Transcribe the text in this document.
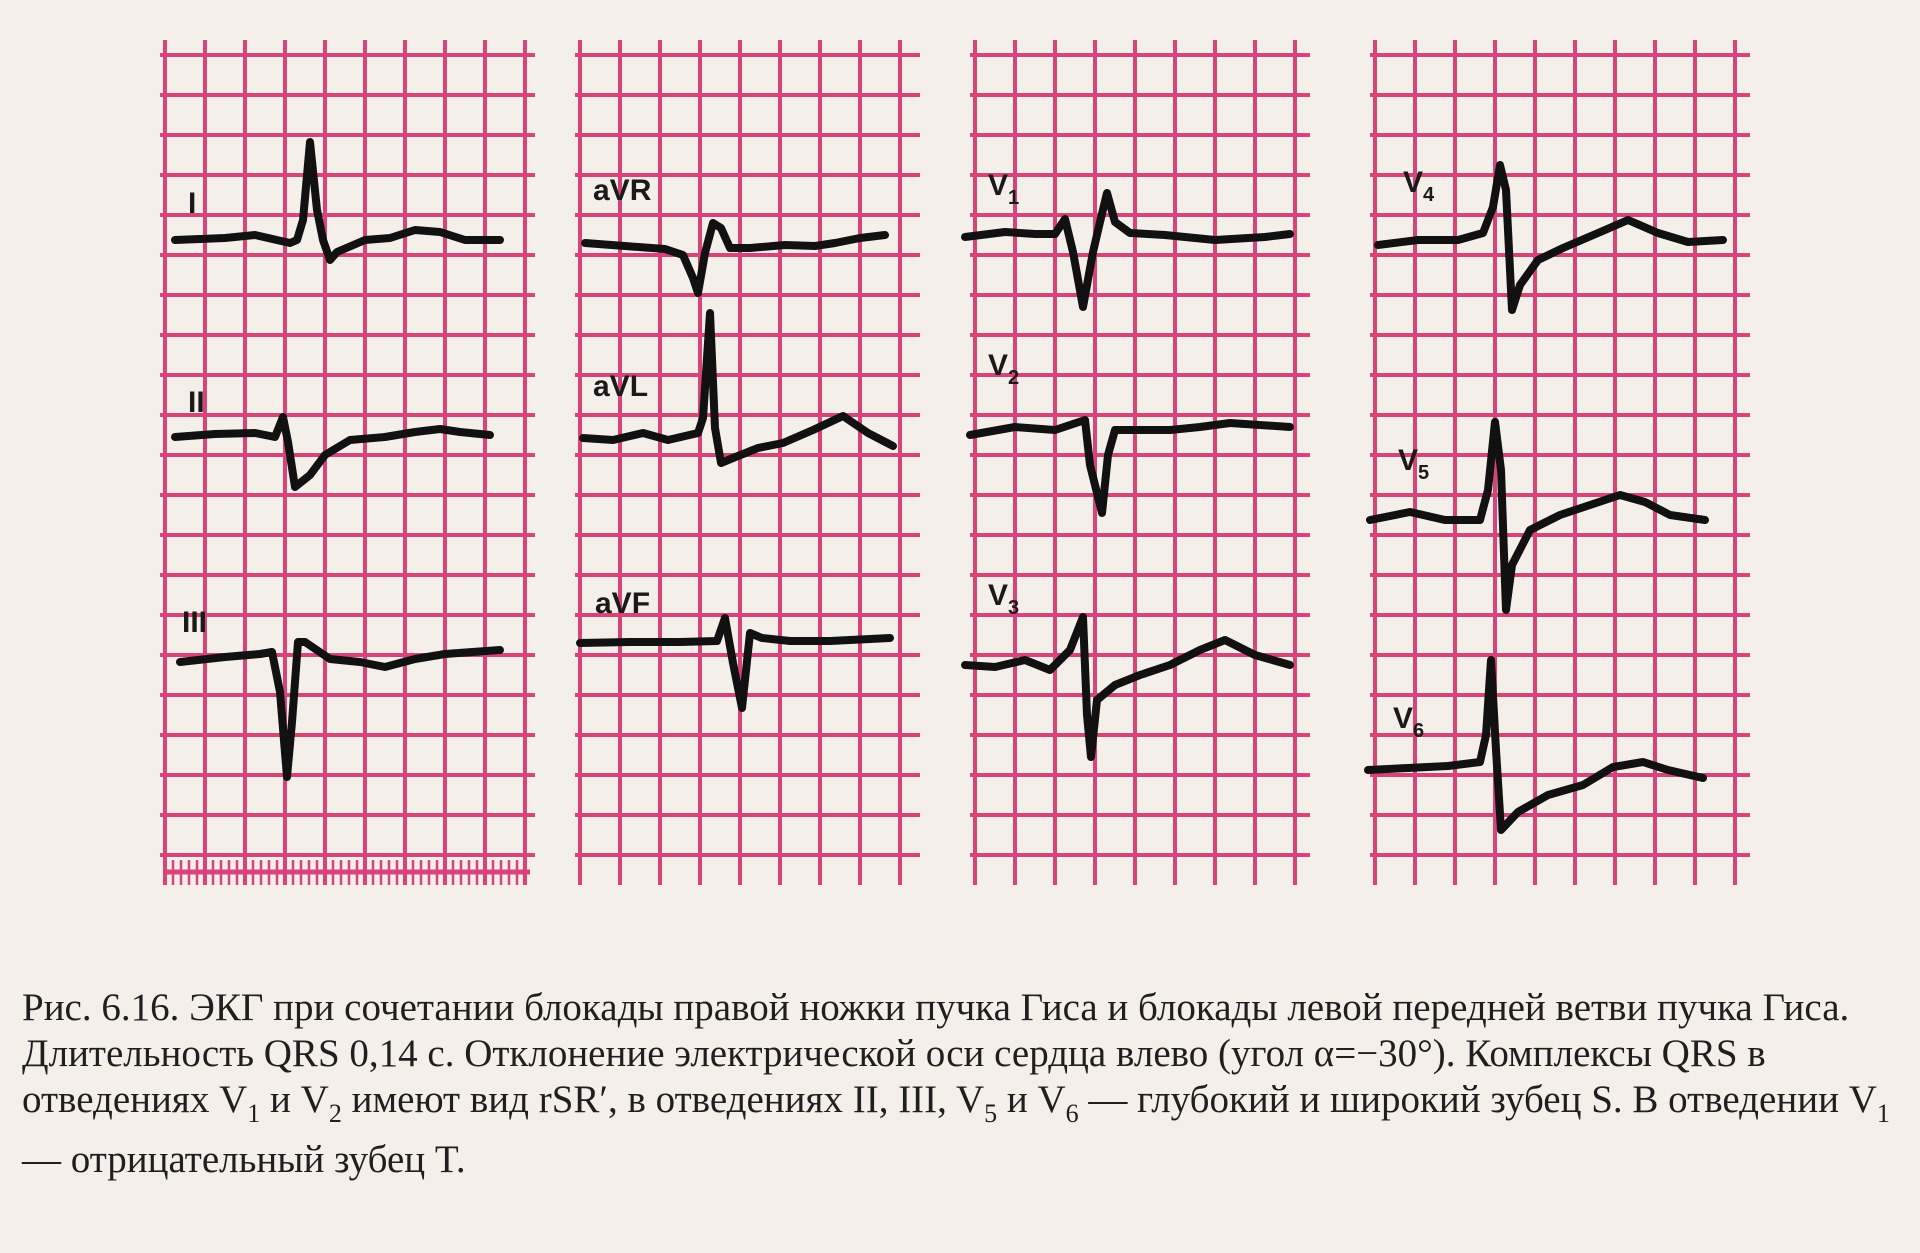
I
II
III
aVR
aVL
aVF
$V_1$
$V_2$
$V_3$
$V_4$
$V_5$
$V_6$

Рис. 6.16. ЭКГ при сочетании блокады правой ножки пучка Гиса и блокады левой передней ветви пучка Гиса.

Длительность QRS 0,14 с. Отклонение электрической оси сердца влево (угол α=−30°). Комплексы QRS в отведениях $V_1$ и $V_2$ имеют вид rSR′, в отведениях II, III, $V_5$ и $V_6$ — глубокий и широкий зубец S. В отведении $V_1$ — отрицательный зубец T.
